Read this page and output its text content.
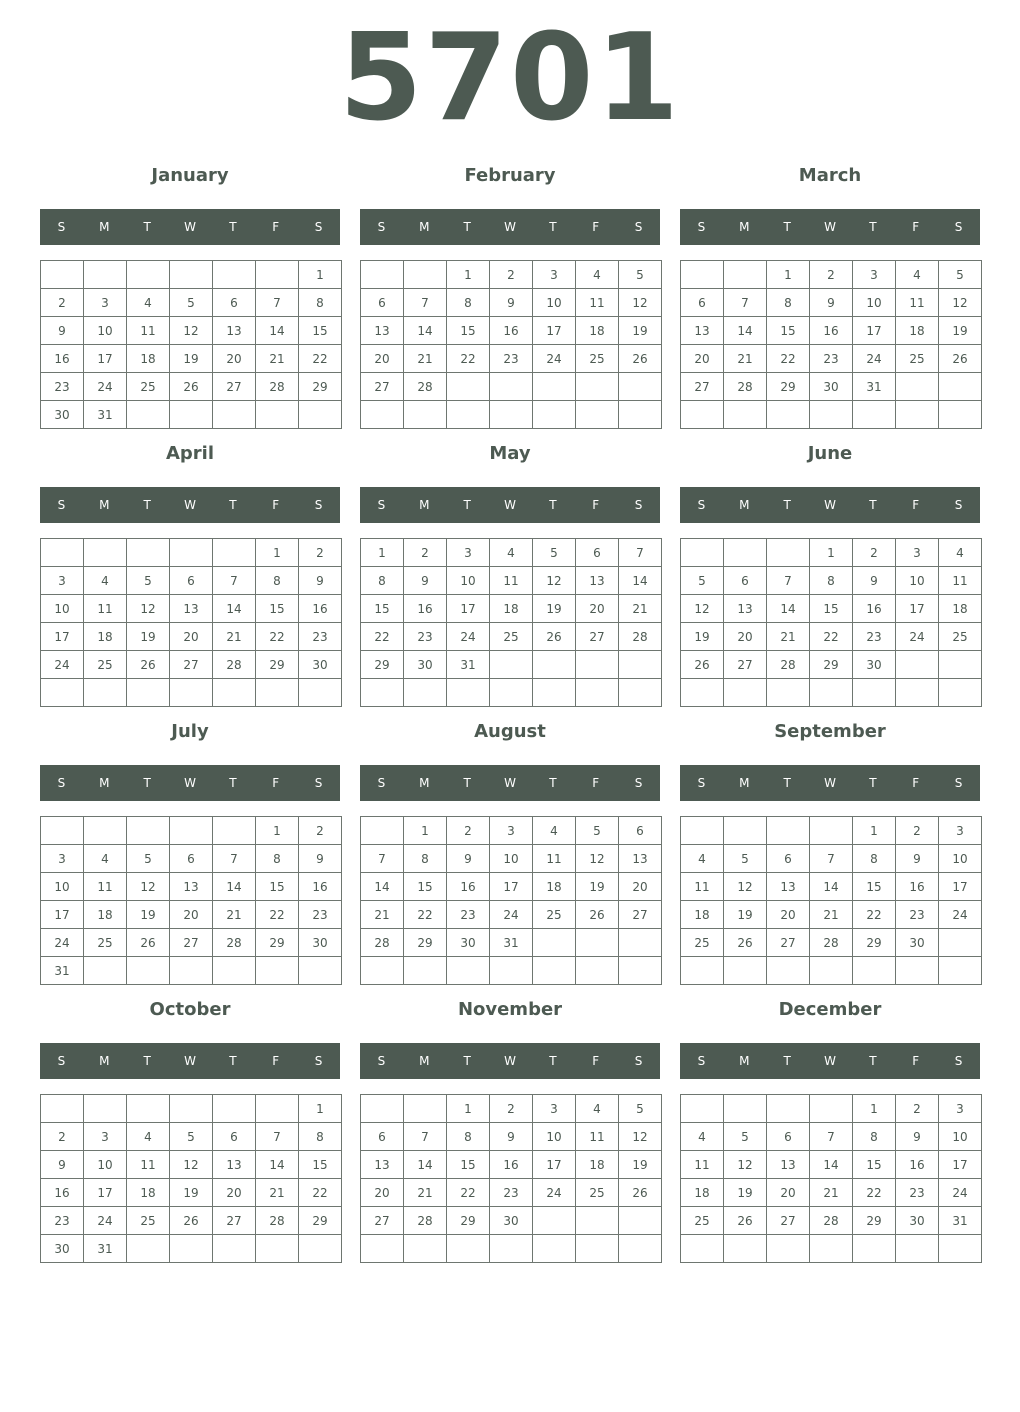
5701
January
S	M	T	W	T	F	S
						1
2	3	4	5	6	7	8
9	10	11	12	13	14	15
16	17	18	19	20	21	22
23	24	25	26	27	28	29
30	31					
February
S	M	T	W	T	F	S
		1	2	3	4	5
6	7	8	9	10	11	12
13	14	15	16	17	18	19
20	21	22	23	24	25	26
27	28					

March
S	M	T	W	T	F	S
		1	2	3	4	5
6	7	8	9	10	11	12
13	14	15	16	17	18	19
20	21	22	23	24	25	26
27	28	29	30	31		

April
S	M	T	W	T	F	S
					1	2
3	4	5	6	7	8	9
10	11	12	13	14	15	16
17	18	19	20	21	22	23
24	25	26	27	28	29	30

May
S	M	T	W	T	F	S
1	2	3	4	5	6	7
8	9	10	11	12	13	14
15	16	17	18	19	20	21
22	23	24	25	26	27	28
29	30	31				

June
S	M	T	W	T	F	S
			1	2	3	4
5	6	7	8	9	10	11
12	13	14	15	16	17	18
19	20	21	22	23	24	25
26	27	28	29	30		

July
S	M	T	W	T	F	S
					1	2
3	4	5	6	7	8	9
10	11	12	13	14	15	16
17	18	19	20	21	22	23
24	25	26	27	28	29	30
31						
August
S	M	T	W	T	F	S
	1	2	3	4	5	6
7	8	9	10	11	12	13
14	15	16	17	18	19	20
21	22	23	24	25	26	27
28	29	30	31			

September
S	M	T	W	T	F	S
				1	2	3
4	5	6	7	8	9	10
11	12	13	14	15	16	17
18	19	20	21	22	23	24
25	26	27	28	29	30	

October
S	M	T	W	T	F	S
						1
2	3	4	5	6	7	8
9	10	11	12	13	14	15
16	17	18	19	20	21	22
23	24	25	26	27	28	29
30	31					
November
S	M	T	W	T	F	S
		1	2	3	4	5
6	7	8	9	10	11	12
13	14	15	16	17	18	19
20	21	22	23	24	25	26
27	28	29	30			

December
S	M	T	W	T	F	S
				1	2	3
4	5	6	7	8	9	10
11	12	13	14	15	16	17
18	19	20	21	22	23	24
25	26	27	28	29	30	31
